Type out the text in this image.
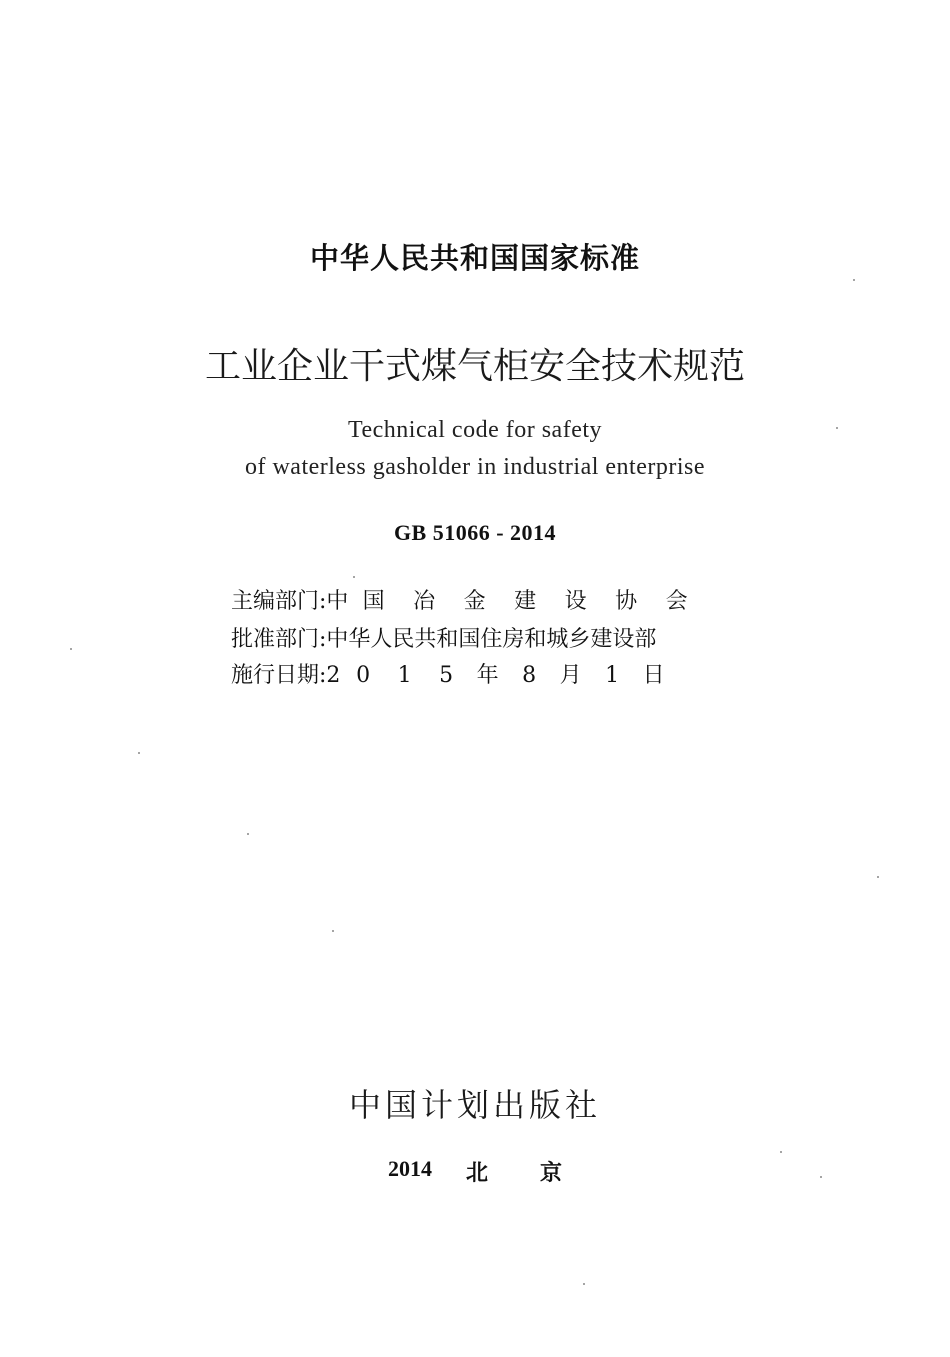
中华人民共和国国家标准
工业企业干式煤气柜安全技术规范
Technical code for safety
of waterless gasholder in industrial enterprise
GB 51066 - 2014
主编部门: 中 国 冶 金 建 设 协 会
批准部门: 中华人民共和国住房和城乡建设部
施行日期: 2 0 1 5 年 8 月 1 日
中国计划出版社
2014 北 京
